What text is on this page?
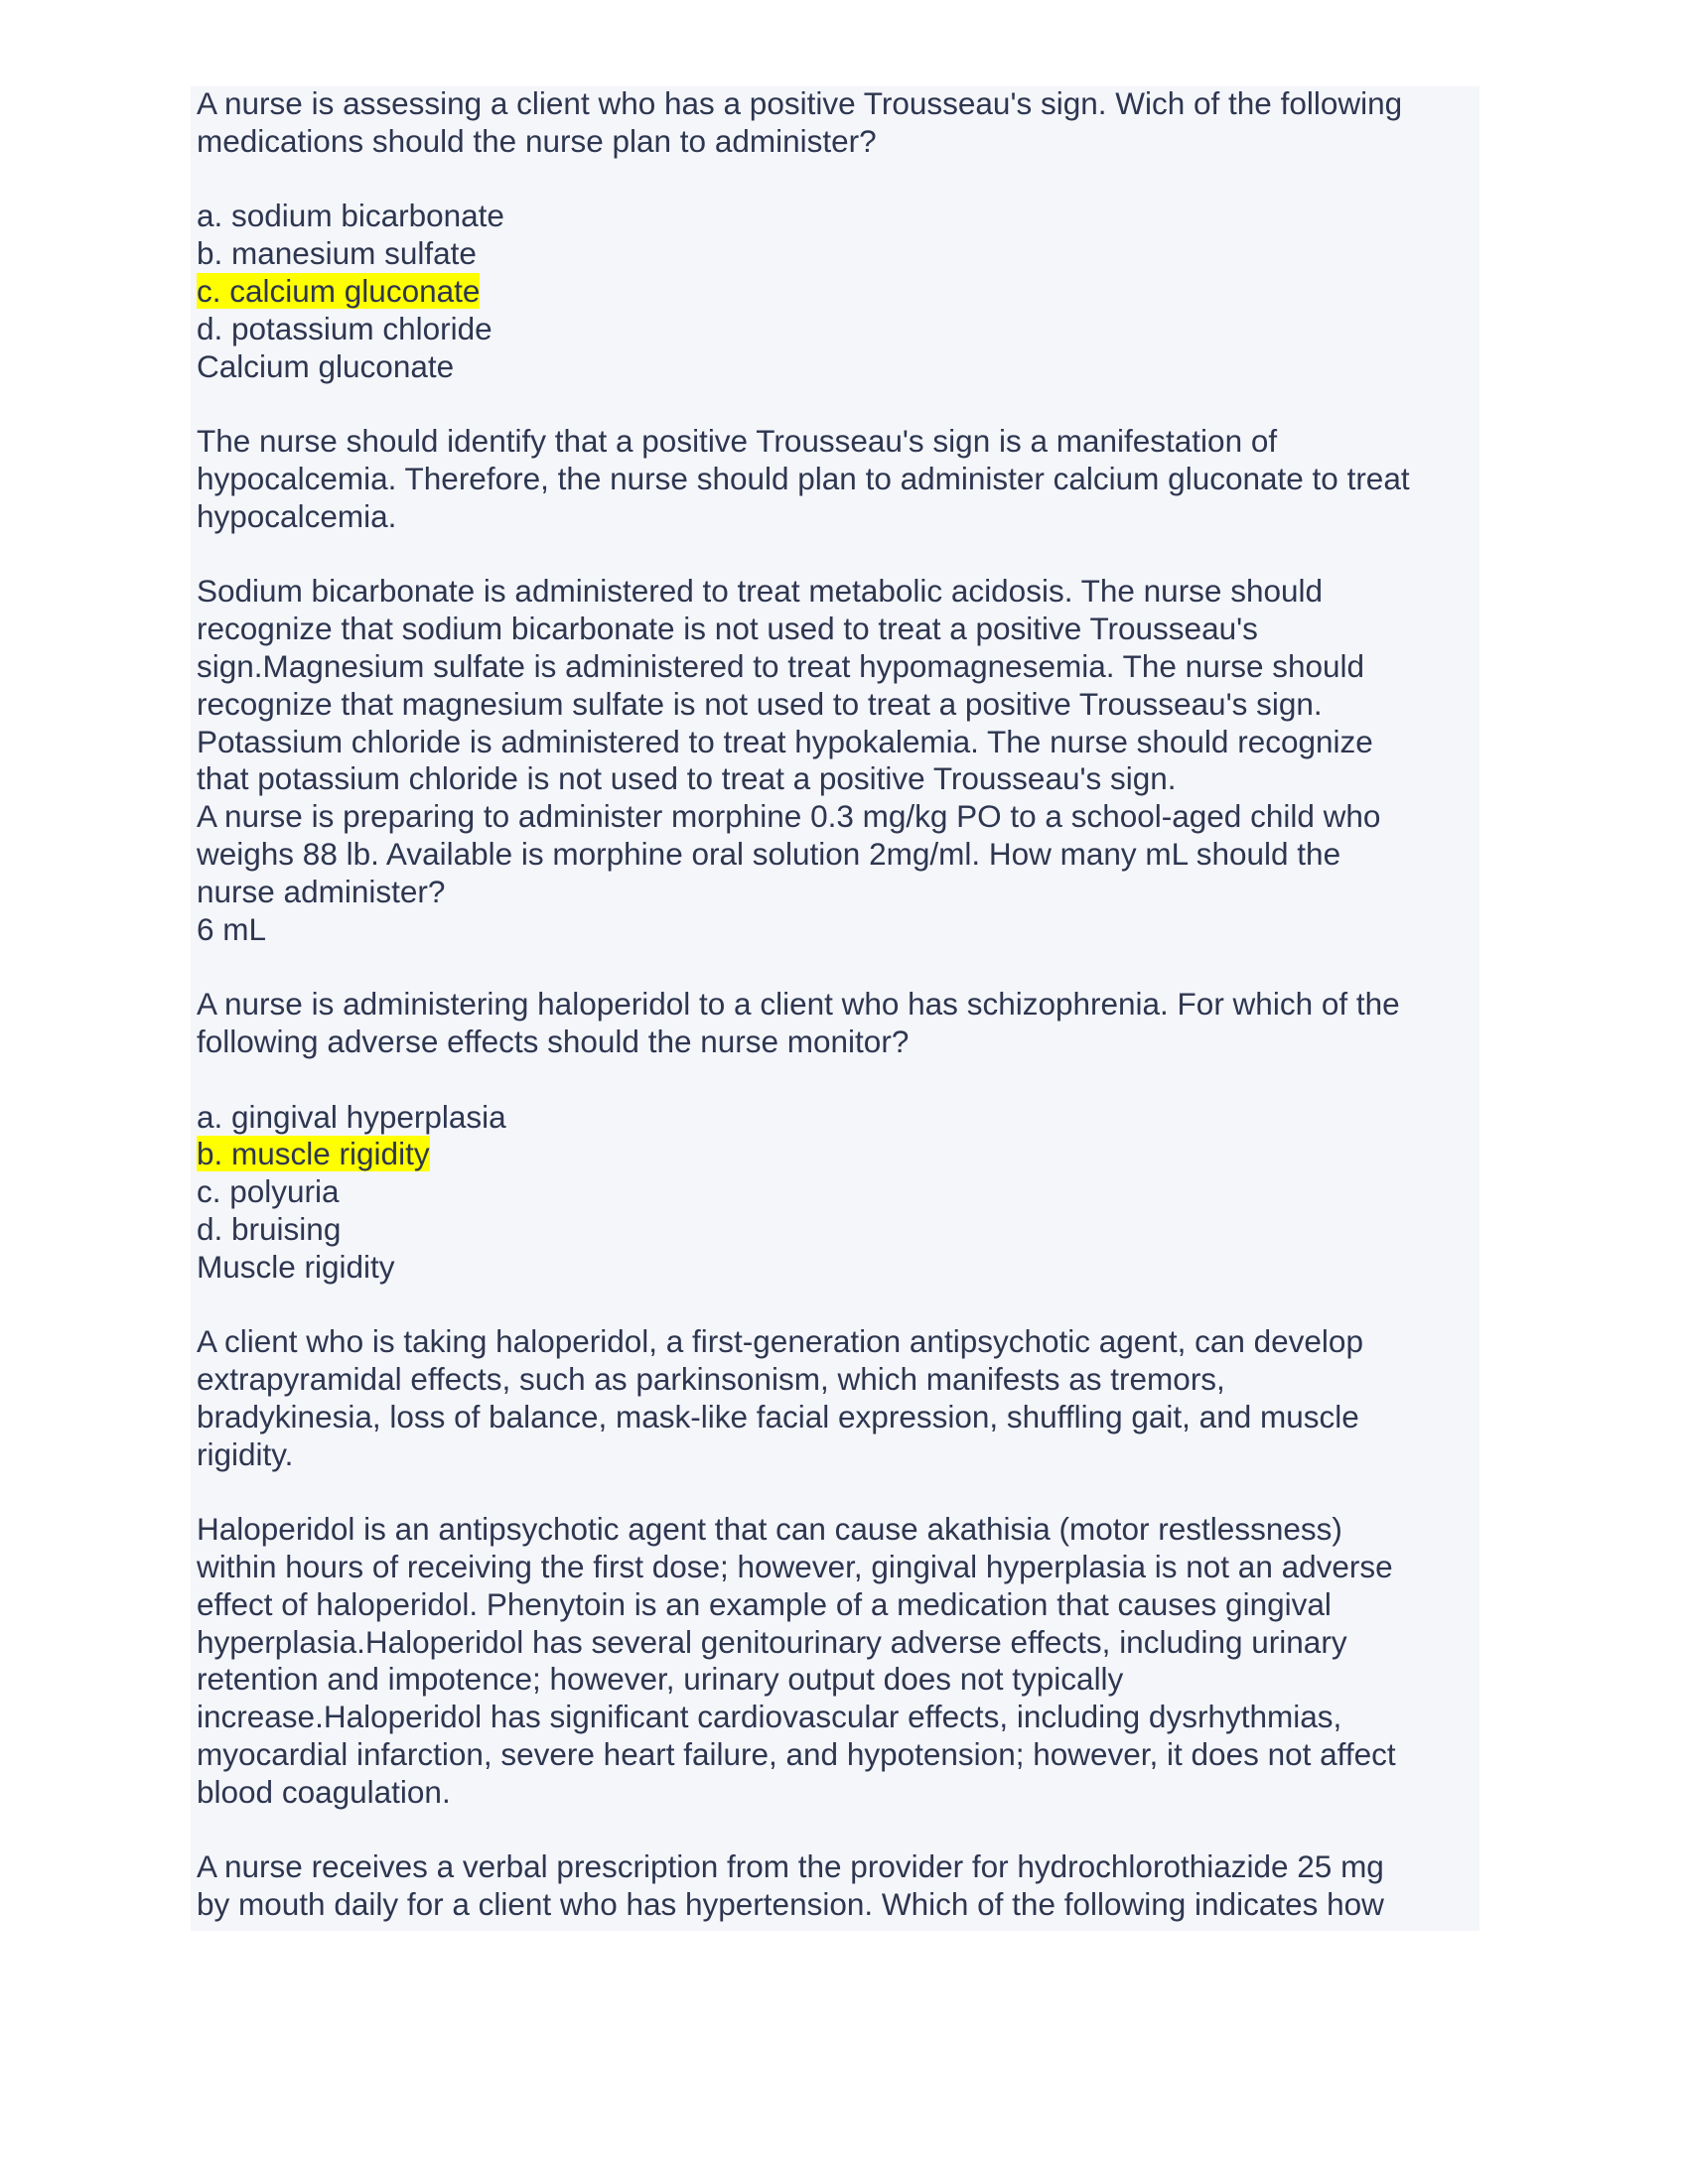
A nurse is assessing a client who has a positive Trousseau's sign. Wich of the following
medications should the nurse plan to administer?
a. sodium bicarbonate
b. manesium sulfate
c. calcium gluconate
d. potassium chloride
Calcium gluconate
The nurse should identify that a positive Trousseau's sign is a manifestation of
hypocalcemia. Therefore, the nurse should plan to administer calcium gluconate to treat
hypocalcemia.
Sodium bicarbonate is administered to treat metabolic acidosis. The nurse should
recognize that sodium bicarbonate is not used to treat a positive Trousseau's
sign.Magnesium sulfate is administered to treat hypomagnesemia. The nurse should
recognize that magnesium sulfate is not used to treat a positive Trousseau's sign.
Potassium chloride is administered to treat hypokalemia. The nurse should recognize
that potassium chloride is not used to treat a positive Trousseau's sign.
A nurse is preparing to administer morphine 0.3 mg/kg PO to a school-aged child who
weighs 88 lb. Available is morphine oral solution 2mg/ml. How many mL should the
nurse administer?
6 mL
A nurse is administering haloperidol to a client who has schizophrenia. For which of the
following adverse effects should the nurse monitor?
a. gingival hyperplasia
b. muscle rigidity
c. polyuria
d. bruising
Muscle rigidity
A client who is taking haloperidol, a first-generation antipsychotic agent, can develop
extrapyramidal effects, such as parkinsonism, which manifests as tremors,
bradykinesia, loss of balance, mask-like facial expression, shuffling gait, and muscle
rigidity.
Haloperidol is an antipsychotic agent that can cause akathisia (motor restlessness)
within hours of receiving the first dose; however, gingival hyperplasia is not an adverse
effect of haloperidol. Phenytoin is an example of a medication that causes gingival
hyperplasia.Haloperidol has several genitourinary adverse effects, including urinary
retention and impotence; however, urinary output does not typically
increase.Haloperidol has significant cardiovascular effects, including dysrhythmias,
myocardial infarction, severe heart failure, and hypotension; however, it does not affect
blood coagulation.
A nurse receives a verbal prescription from the provider for hydrochlorothiazide 25 mg
by mouth daily for a client who has hypertension. Which of the following indicates how
